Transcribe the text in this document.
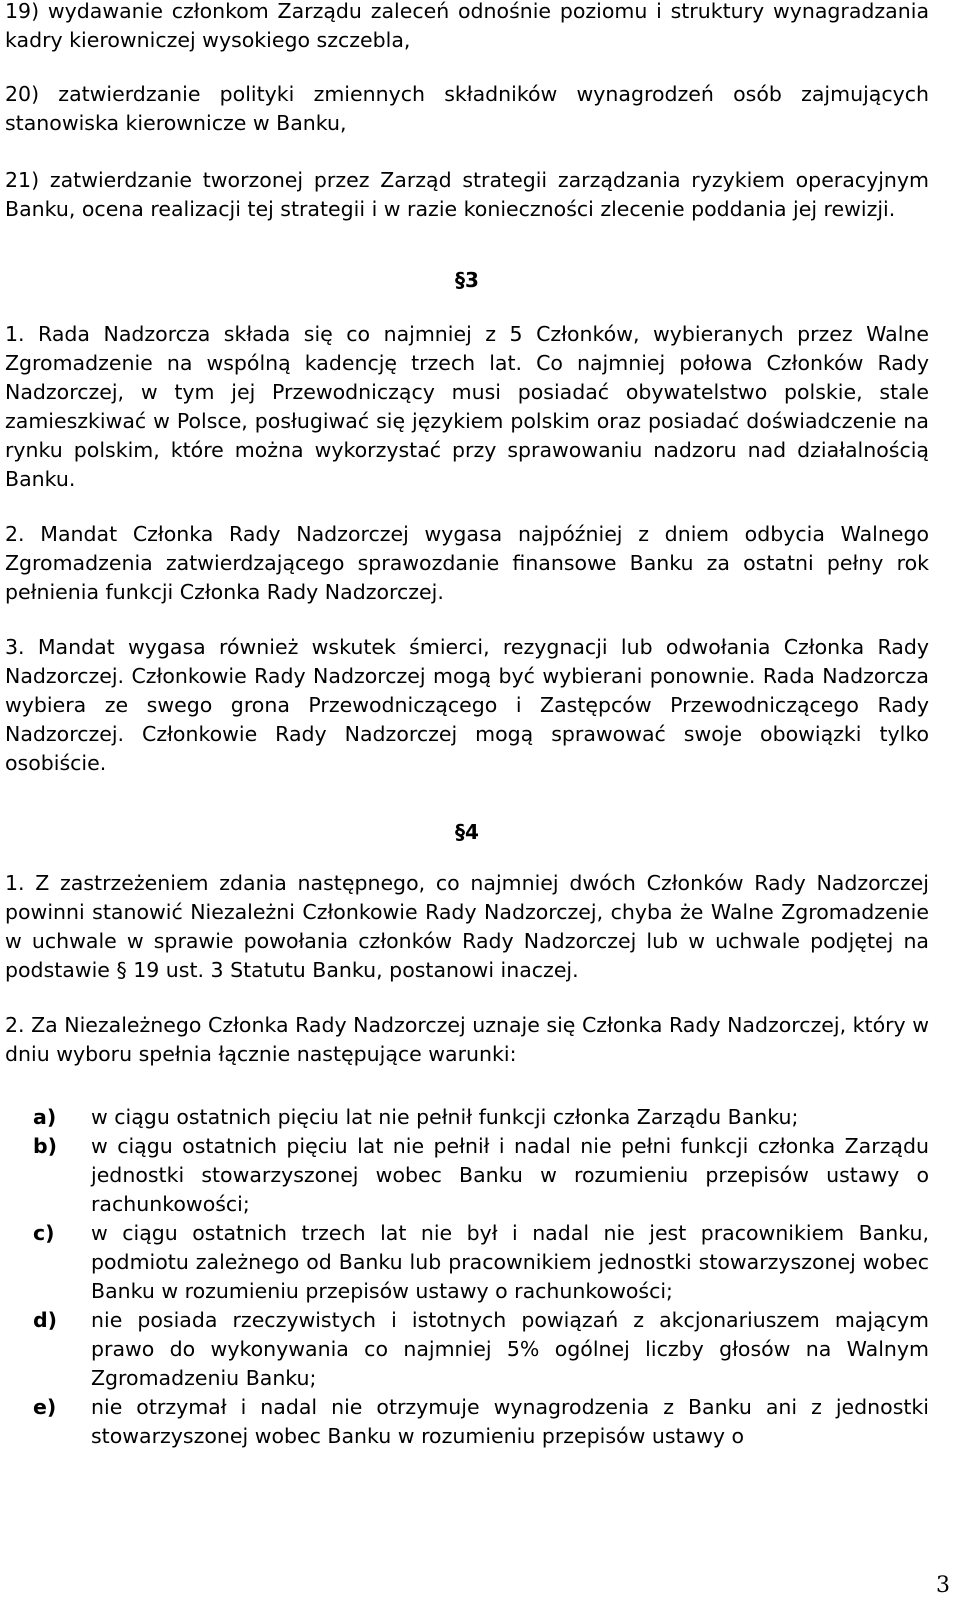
19) wydawanie członkom Zarządu zaleceń odnośnie poziomu i struktury wynagradzania kadry kierowniczej wysokiego szczebla,

20) zatwierdzanie polityki zmiennych składników wynagrodzeń osób zajmujących stanowiska kierownicze w Banku,

21) zatwierdzanie tworzonej przez Zarząd strategii zarządzania ryzykiem operacyjnym Banku, ocena realizacji tej strategii i w razie konieczności zlecenie poddania jej rewizji.

§3

1. Rada Nadzorcza składa się co najmniej z 5 Członków, wybieranych przez Walne Zgromadzenie na wspólną kadencję trzech lat. Co najmniej połowa Członków Rady Nadzorczej, w tym jej Przewodniczący musi posiadać obywatelstwo polskie, stale zamieszkiwać w Polsce, posługiwać się językiem polskim oraz posiadać doświadczenie na rynku polskim, które można wykorzystać przy sprawowaniu nadzoru nad działalnością Banku.

2. Mandat Członka Rady Nadzorczej wygasa najpóźniej z dniem odbycia Walnego Zgromadzenia zatwierdzającego sprawozdanie finansowe Banku za ostatni pełny rok pełnienia funkcji Członka Rady Nadzorczej.

3. Mandat wygasa również wskutek śmierci, rezygnacji lub odwołania Członka Rady Nadzorczej. Członkowie Rady Nadzorczej mogą być wybierani ponownie. Rada Nadzorcza wybiera ze swego grona Przewodniczącego i Zastępców Przewodniczącego Rady Nadzorczej. Członkowie Rady Nadzorczej mogą sprawować swoje obowiązki tylko osobiście.

§4

1. Z zastrzeżeniem zdania następnego, co najmniej dwóch Członków Rady Nadzorczej powinni stanowić Niezależni Członkowie Rady Nadzorczej, chyba że Walne Zgromadzenie w uchwale w sprawie powołania członków Rady Nadzorczej lub w uchwale podjętej na podstawie § 19 ust. 3 Statutu Banku, postanowi inaczej.

2. Za Niezależnego Członka Rady Nadzorczej uznaje się Członka Rady Nadzorczej, który w dniu wyboru spełnia łącznie następujące warunki:

a)	w ciągu ostatnich pięciu lat nie pełnił funkcji członka Zarządu Banku;
b)	w ciągu ostatnich pięciu lat nie pełnił i nadal nie pełni funkcji członka Zarządu jednostki stowarzyszonej wobec Banku w rozumieniu przepisów ustawy o rachunkowości;
c)	w ciągu ostatnich trzech lat nie był i nadal nie jest pracownikiem Banku, podmiotu zależnego od Banku lub pracownikiem jednostki stowarzyszonej wobec Banku w rozumieniu przepisów ustawy o rachunkowości;
d)	nie posiada rzeczywistych i istotnych powiązań z akcjonariuszem mającym prawo do wykonywania co najmniej 5% ogólnej liczby głosów na Walnym Zgromadzeniu Banku;
e)	nie otrzymał i nadal nie otrzymuje wynagrodzenia z Banku ani z jednostki stowarzyszonej wobec Banku w rozumieniu przepisów ustawy o
3
